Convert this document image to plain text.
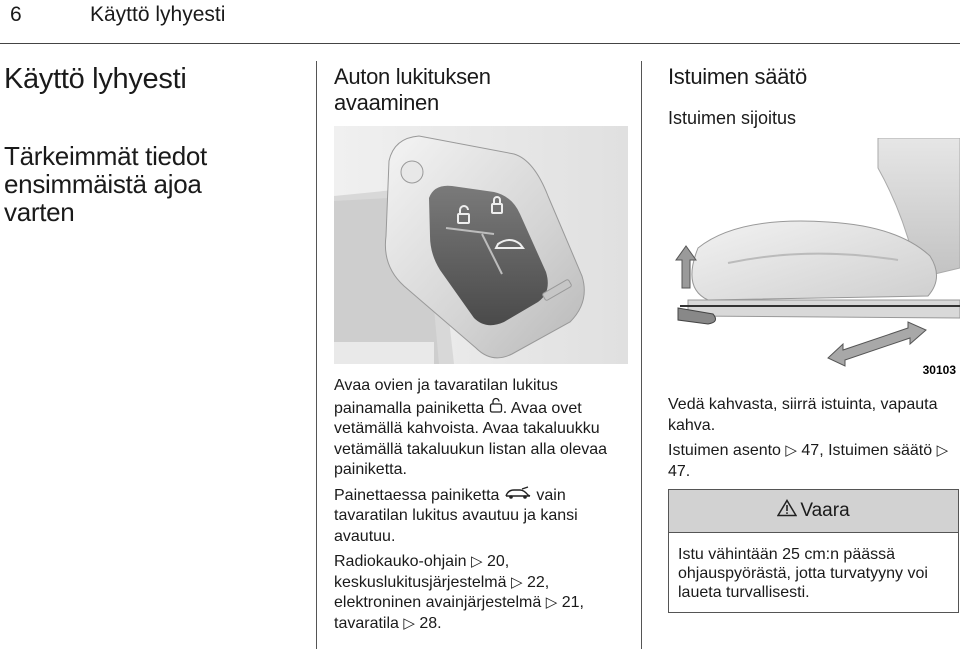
6	Käyttö lyhyesti
Käyttö lyhyesti
Tärkeimmät tiedot ensimmäistä ajoa varten
Auton lukituksen avaaminen

Avaa ovien ja tavaratilan lukitus painamalla painiketta . Avaa ovet vetämällä kahvoista. Avaa takaluukku vetämällä takaluukun listan alla olevaa painiketta.

Painettaessa painiketta vain tavaratilan lukitus avautuu ja kansi avautuu.

Radiokauko-ohjain ▷ 20, keskuslukitusjärjestelmä ▷ 22, elektroninen avainjärjestelmä ▷ 21, tavaratila ▷ 28.

Istuimen säätö
Istuimen sijoitus
30103

Vedä kahvasta, siirrä istuinta, vapauta kahva.

Istuimen asento ▷ 47, Istuimen säätö ▷ 47.

Vaara
Istu vähintään 25 cm:n päässä ohjauspyörästä, jotta turvatyyny voi laueta turvallisesti.
